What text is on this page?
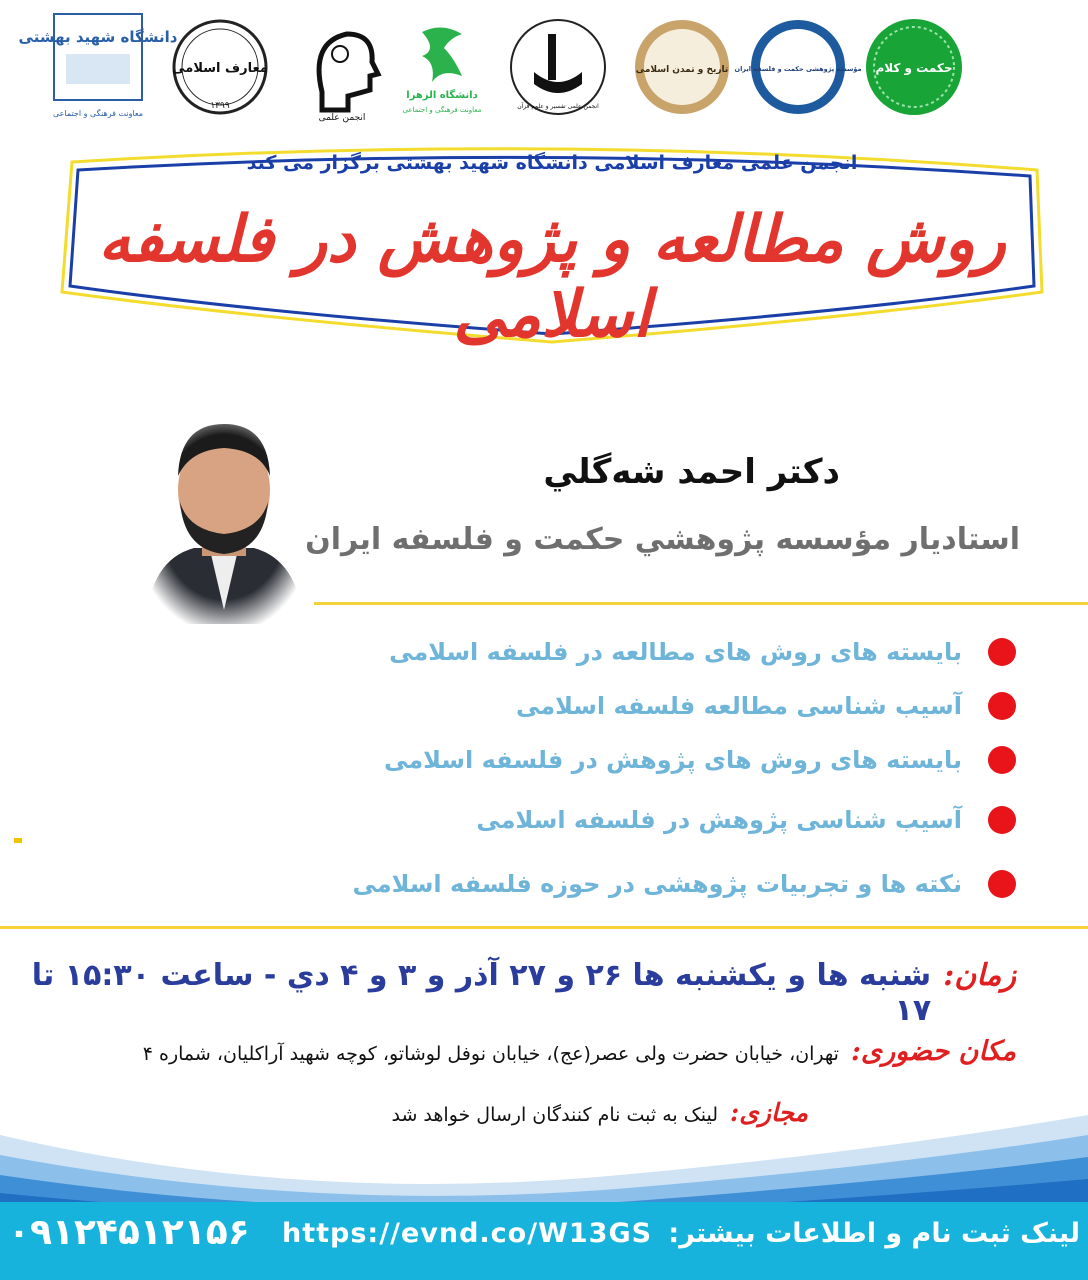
دانشگاه شهید بهشتی
معاونت فرهنگی و اجتماعی
معارف اسلامی
۱۳۹۹
انجمن علمی
دانشگاه الزهرا
معاونت فرهنگی و اجتماعی	انجمن علمی تفسیر و علوم قرآن
تاریخ و تمدن اسلامی مؤسسه پژوهشی حکمت و فلسفه ایران حکمت و کلام
انجمن علمی معارف اسلامی دانشگاه شهید بهشتی برگزار می کند
روش مطالعه و پژوهش در فلسفه اسلامی
دکتر احمد شه‌گلي
استاديار مؤسسه پژوهشي حکمت و فلسفه ايران
بایسته های روش های مطالعه در فلسفه اسلامی
آسیب شناسی مطالعه فلسفه اسلامی
بایسته های روش های پژوهش در فلسفه اسلامی
آسیب شناسی پژوهش در فلسفه اسلامی
نکته ها و تجربیات پژوهشی در حوزه فلسفه اسلامی
زمان:
شنبه ها و یکشنبه ها ۲۶ و ۲۷ آذر و ۳ و ۴ دي - ساعت ۱۵:۳۰ تا ۱۷
مکان حضوری:
تهران، خیابان حضرت ولی عصر(عج)، خیابان نوفل لوشاتو، کوچه شهید آراکلیان، شماره ۴
مجازی:
لینک به ثبت نام کنندگان ارسال خواهد شد
لینک ثبت نام و اطلاعات بیشتر:
https://evnd.co/W13GS
۰۹۱۲۴۵۱۲۱۵۶
